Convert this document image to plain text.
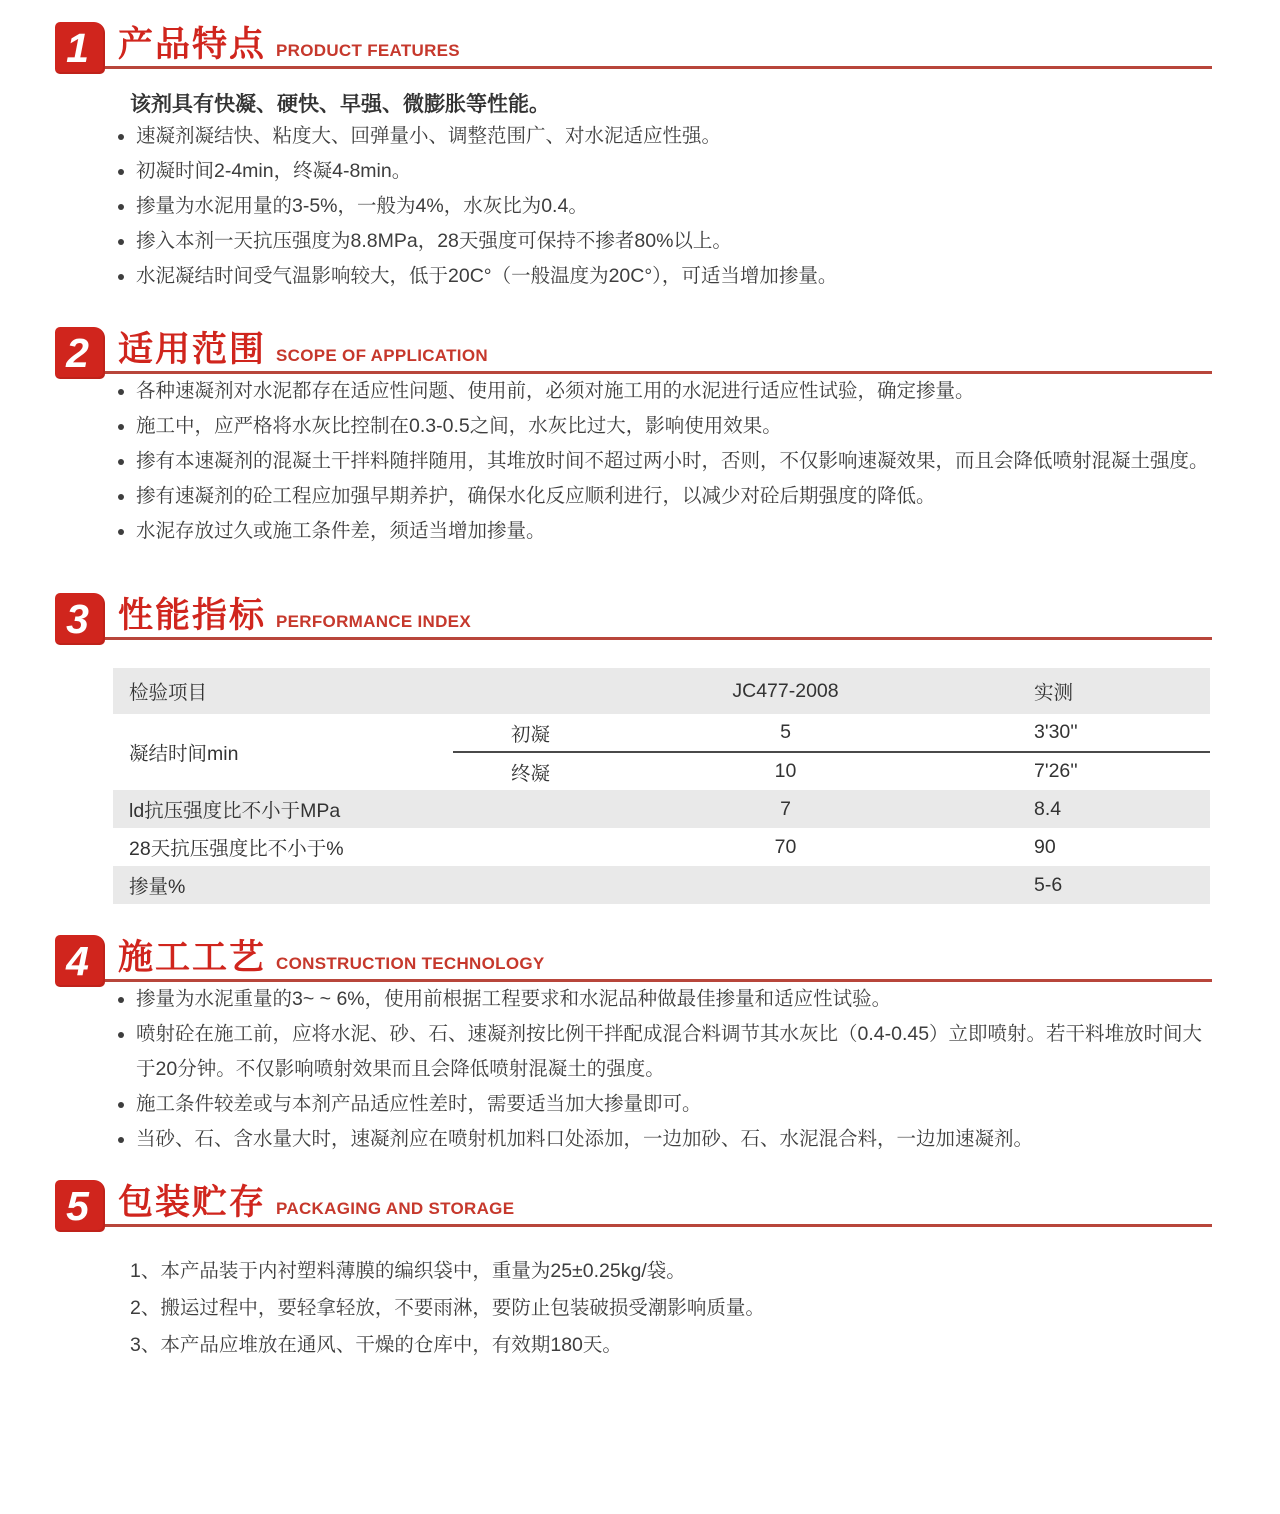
1 产品特点 PRODUCT FEATURES
该剂具有快凝、硬快、早强、微膨胀等性能。
速凝剂凝结快、粘度大、回弹量小、调整范围广、对水泥适应性强。
初凝时间2-4min，终凝4-8min。
掺量为水泥用量的3-5%，一般为4%，水灰比为0.4。
掺入本剂一天抗压强度为8.8MPa，28天强度可保持不掺者80%以上。
水泥凝结时间受气温影响较大，低于20C°（一般温度为20C°），可适当增加掺量。
2 适用范围 SCOPE OF APPLICATION
各种速凝剂对水泥都存在适应性问题、使用前，必须对施工用的水泥进行适应性试验，确定掺量。
施工中，应严格将水灰比控制在0.3-0.5之间，水灰比过大，影响使用效果。
掺有本速凝剂的混凝土干拌料随拌随用，其堆放时间不超过两小时，否则，不仅影响速凝效果，而且会降低喷射混凝土强度。
掺有速凝剂的砼工程应加强早期养护，确保水化反应顺利进行，以减少对砼后期强度的降低。
水泥存放过久或施工条件差，须适当增加掺量。
3 性能指标 PERFORMANCE INDEX
检验项目		JC477-2008	实测
凝结时间min	初凝	5	3'30''
	终凝	10	7'26''
ld抗压强度比不小于MPa		7	8.4
28天抗压强度比不小于%		70	90
掺量%			5-6
4 施工工艺 CONSTRUCTION TECHNOLOGY
掺量为水泥重量的3~ ~ 6%，使用前根据工程要求和水泥品种做最佳掺量和适应性试验。
喷射砼在施工前，应将水泥、砂、石、速凝剂按比例干拌配成混合料调节其水灰比（0.4-0.45）立即喷射。若干料堆放时间大于20分钟。不仅影响喷射效果而且会降低喷射混凝土的强度。
施工条件较差或与本剂产品适应性差时，需要适当加大掺量即可。
当砂、石、含水量大时，速凝剂应在喷射机加料口处添加，一边加砂、石、水泥混合料，一边加速凝剂。
5 包装贮存 PACKAGING AND STORAGE
1、本产品装于内衬塑料薄膜的编织袋中，重量为25±0.25kg/袋。
2、搬运过程中，要轻拿轻放，不要雨淋，要防止包装破损受潮影响质量。
3、本产品应堆放在通风、干燥的仓库中，有效期180天。
